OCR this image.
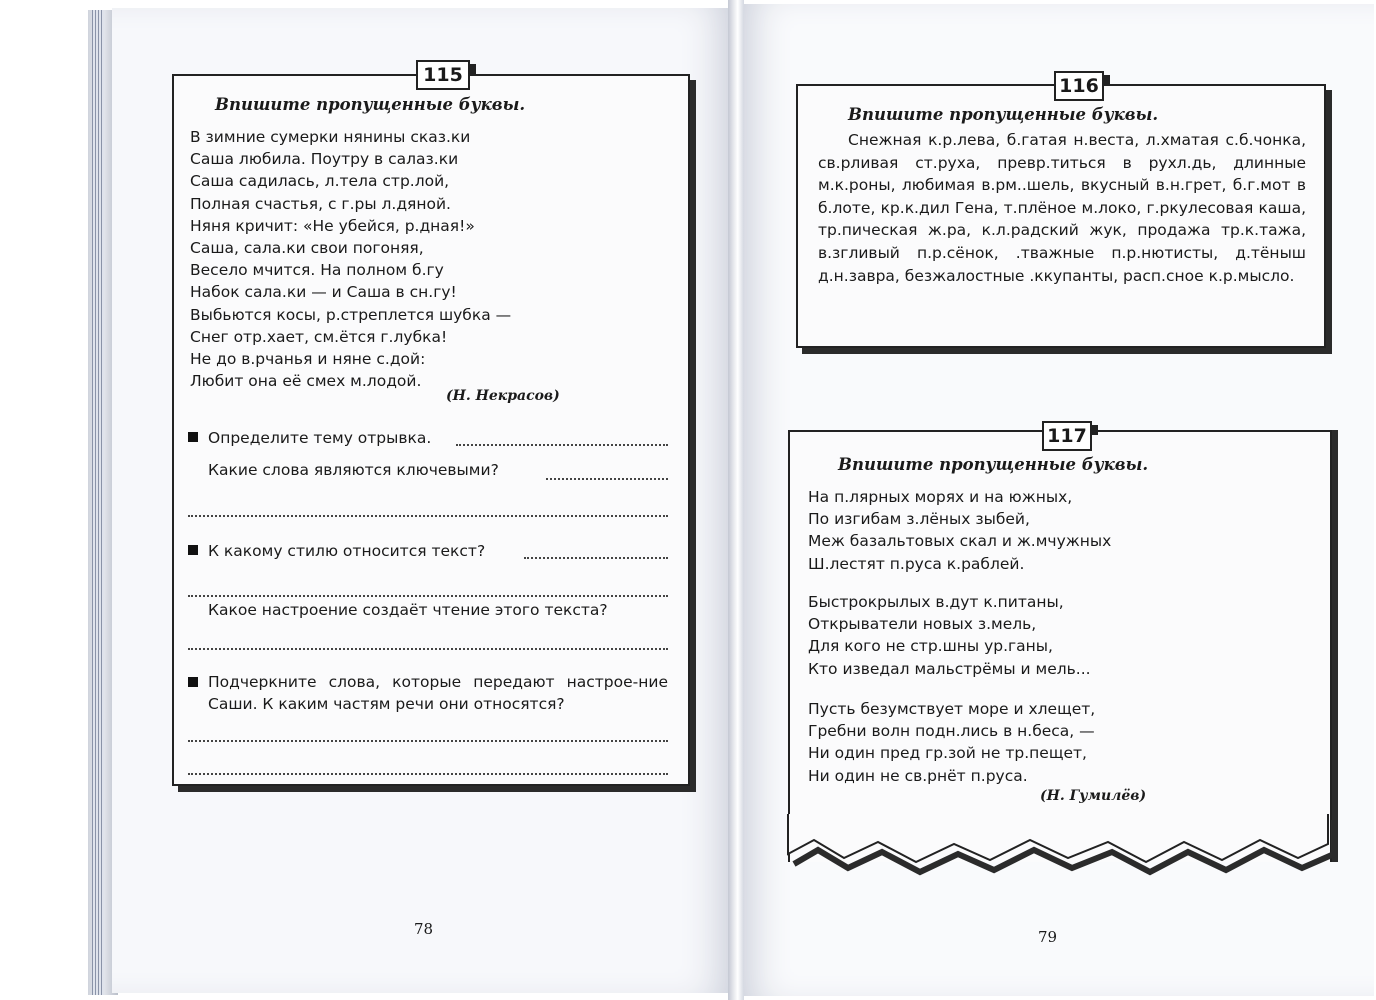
115
Впишите пропущенные буквы.
В зимние сумерки нянины сказ.ки
Саша любила. Поутру в салаз.ки
Саша садилась, л.тела стр.лой,
Полная счастья, с г.ры л.дяной.
Няня кричит: «Не убейся, р.дная!»
Саша, сала.ки свои погоняя,
Весело мчится. На полном б.гу
Набок сала.ки — и Саша в сн.гу!
Выбьются косы, р.стреплется шубка —
Снег отр.хает, см.ётся г.лубка!
Не до в.рчанья и няне с.дой:
Любит она её смех м.лодой.
(Н. Некрасов)
Определите тему отрывка.
Какие слова являются ключевыми?
К какому стилю относится текст?
Какое настроение создаёт чтение этого текста?
Подчеркните слова, которые передают настрое-ние Саши. К каким частям речи они относятся?
78
116
Впишите пропущенные буквы.
Снежная к.р.лева, б.гатая н.веста, л.хматая с.б.чонка, св.рливая ст.руха, превр.титься в рухл.дь, длинные м.к.роны, любимая в.рм..шель, вкусный в.н.грет, б.г.мот в б.лоте, кр.к.дил Гена, т.плёное м.локо, г.ркулесовая каша, тр.пическая ж.ра, к.л.радский жук, продажа тр.к.тажа, в.згливый п.р.сёнок, .тважные п.р.нютисты, д.тёныш д.н.завра, безжалостные .ккупанты, расп.сное к.р.мысло.
117
Впишите пропущенные буквы.
На п.лярных морях и на южных,
По изгибам з.лёных зыбей,
Меж базальтовых скал и ж.мчужных
Ш.лестят п.руса к.раблей.
Быстрокрылых в.дут к.питаны,
Открыватели новых з.мель,
Для кого не стр.шны ур.ганы,
Кто изведал мальстрёмы и мель...
Пусть безумствует море и хлещет,
Гребни волн подн.лись в н.беса, —
Ни один пред гр.зой не тр.пещет,
Ни один не св.рнёт п.руса.
(Н. Гумилёв)
79
